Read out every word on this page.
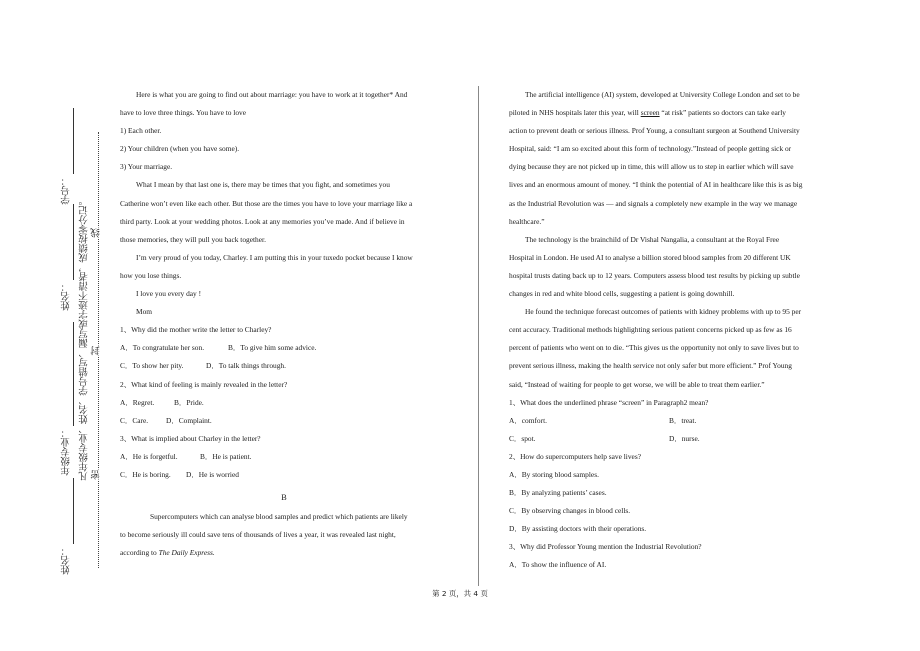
学号：
姓名：
年级专业：
姓名：
凡年级专业、姓名、学号错写、漏写或字迹不清者，成绩按零分记。 密
封
线

Here is what you are going to find out about marriage: you have to work at it together* And

have to love three things. You have to love

1) Each other.

2) Your children (when you have some).

3) Your marriage.

What I mean by that last one is, there may be times that you fight, and sometimes you

Catherine won’t even like each other. But those are the times you have to love your marriage like a

third party. Look at your wedding photos. Look at any memories you’ve made. And if believe in

those memories, they will pull you back together.

I’m very proud of you today, Charley. I am putting this in your tuxedo pocket because I know

how you lose things.

I love you every day !

Mom

1、Why did the mother write the letter to Charley?

A．To congratulate her son.	B．To give him some advice.

C．To show her pity.	D．To talk things through.

2、What kind of feeling is mainly revealed in the letter?

A．Regret.	B．Pride.

C．Care. D．Complaint.

3、What is implied about Charley in the letter?

A．He is forgetful.	B．He is patient.

C．He is boring. D．He is worried

B

Supercomputers which can analyse blood samples and predict which patients are likely

to become seriously ill could save tens of thousands of lives a year, it was revealed last night,

according to The Daily Express.

The artificial intelligence (AI) system, developed at University College London and set to be

piloted in NHS hospitals later this year, will screen “at risk” patients so doctors can take early

action to prevent death or serious illness. Prof Young, a consultant surgeon at Southend University

Hospital, said: “I am so excited about this form of technology.”Instead of people getting sick or

dying because they are not picked up in time, this will allow us to step in earlier which will save

lives and an enormous amount of money. “I think the potential of AI in healthcare like this is as big

as the Industrial Revolution was — and signals a completely new example in the way we manage

healthcare.”

The technology is the brainchild of Dr Vishal Nangalia, a consultant at the Royal Free

Hospital in London. He used AI to analyse a billion stored blood samples from 20 different UK

hospital trusts dating back up to 12 years. Computers assess blood test results by picking up subtle

changes in red and white blood cells, suggesting a patient is going downhill.

He found the technique forecast outcomes of patients with kidney problems with up to 95 per

cent accuracy. Traditional methods highlighting serious patient concerns picked up as few as 16

percent of patients who went on to die. “This gives us the opportunity not only to save lives but to

prevent serious illness, making the health service not only safer but more efficient.” Prof Young

said, “Instead of waiting for people to get worse, we will be able to treat them earlier.”

1、What does the underlined phrase “screen” in Paragraph2 mean?

A．comfort.	B．treat.

C．spot.	D．nurse.

2、How do supercomputers help save lives?

A．By storing blood samples.

B．By analyzing patients’ cases.

C．By observing changes in blood cells.

D．By assisting doctors with their operations.

3、Why did Professor Young mention the Industrial Revolution?

A．To show the influence of AI.

第 2 页，共 4 页
